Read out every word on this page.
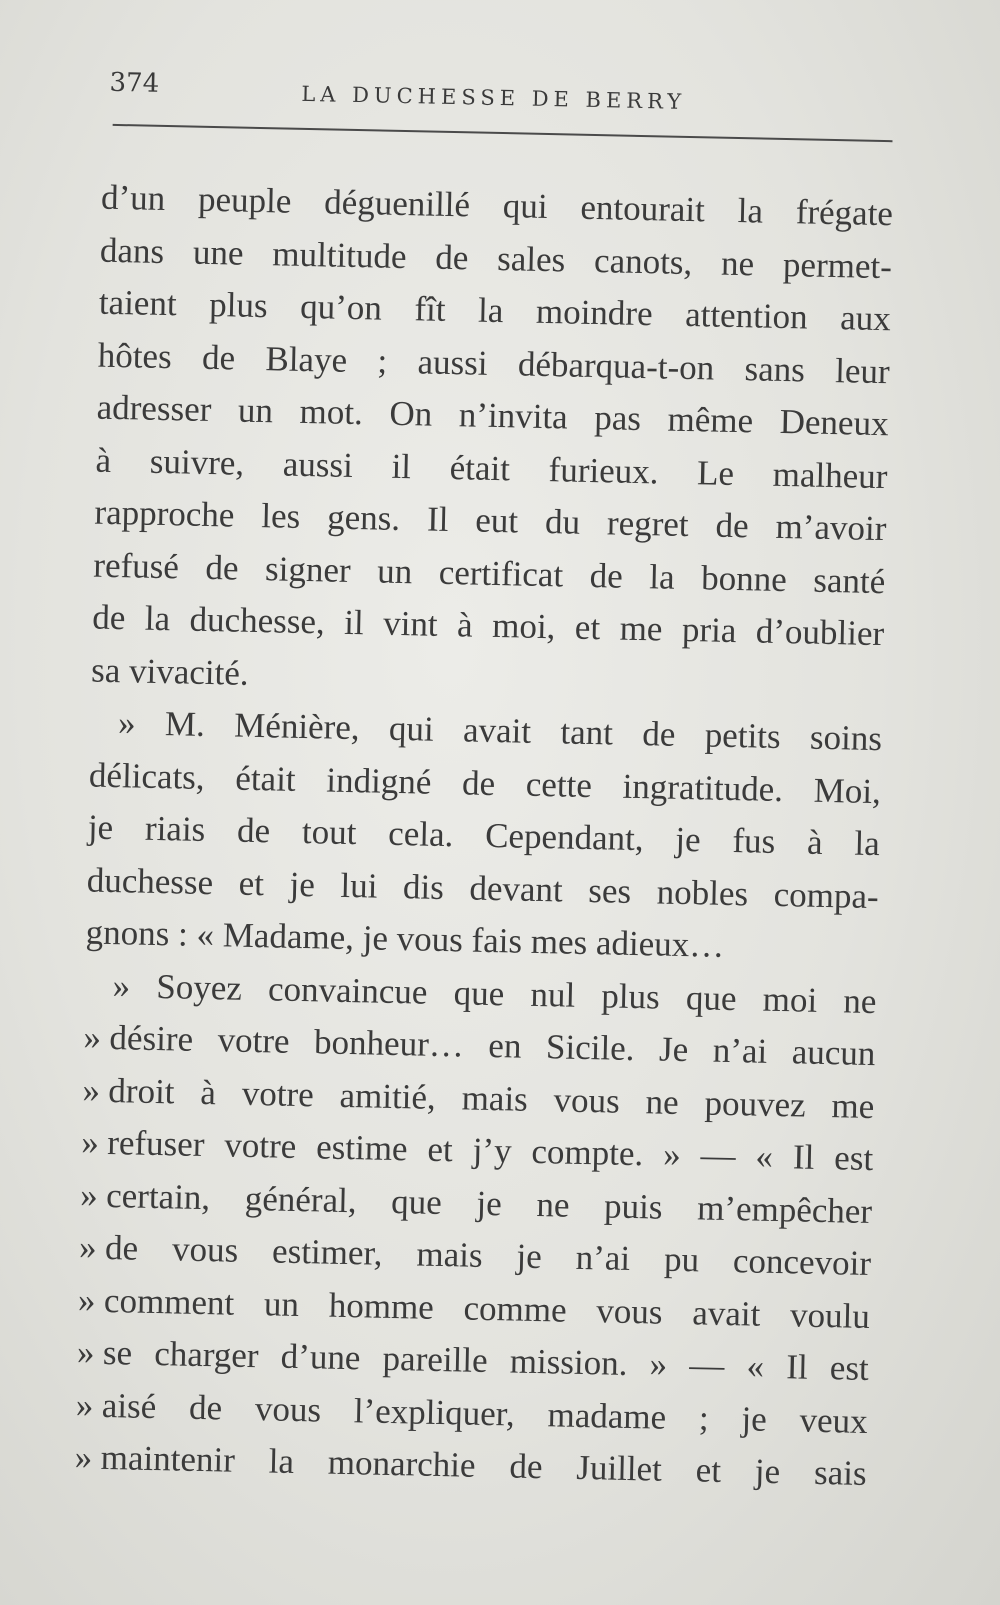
374	LA DUCHESSE DE BERRY
d’un peuple déguenillé qui entourait la frégate
dans une multitude de sales canots, ne permet-
taient plus qu’on fît la moindre attention aux
hôtes de Blaye ; aussi débarqua-t-on sans leur
adresser un mot. On n’invita pas même Deneux
à suivre, aussi il était furieux. Le malheur
rapproche les gens. Il eut du regret de m’avoir
refusé de signer un certificat de la bonne santé
de la duchesse, il vint à moi, et me pria d’oublier
sa vivacité.
» M. Ménière, qui avait tant de petits soins
délicats, était indigné de cette ingratitude. Moi,
je riais de tout cela. Cependant, je fus à la
duchesse et je lui dis devant ses nobles compa-
gnons : « Madame, je vous fais mes adieux…
» Soyez convaincue que nul plus que moi ne
» désire votre bonheur… en Sicile. Je n’ai aucun
» droit à votre amitié, mais vous ne pouvez me
» refuser votre estime et j’y compte. » — « Il est
» certain, général, que je ne puis m’empêcher
» de vous estimer, mais je n’ai pu concevoir
» comment un homme comme vous avait voulu
» se charger d’une pareille mission. » — « Il est
» aisé de vous l’expliquer, madame ; je veux
» maintenir la monarchie de Juillet et je sais
